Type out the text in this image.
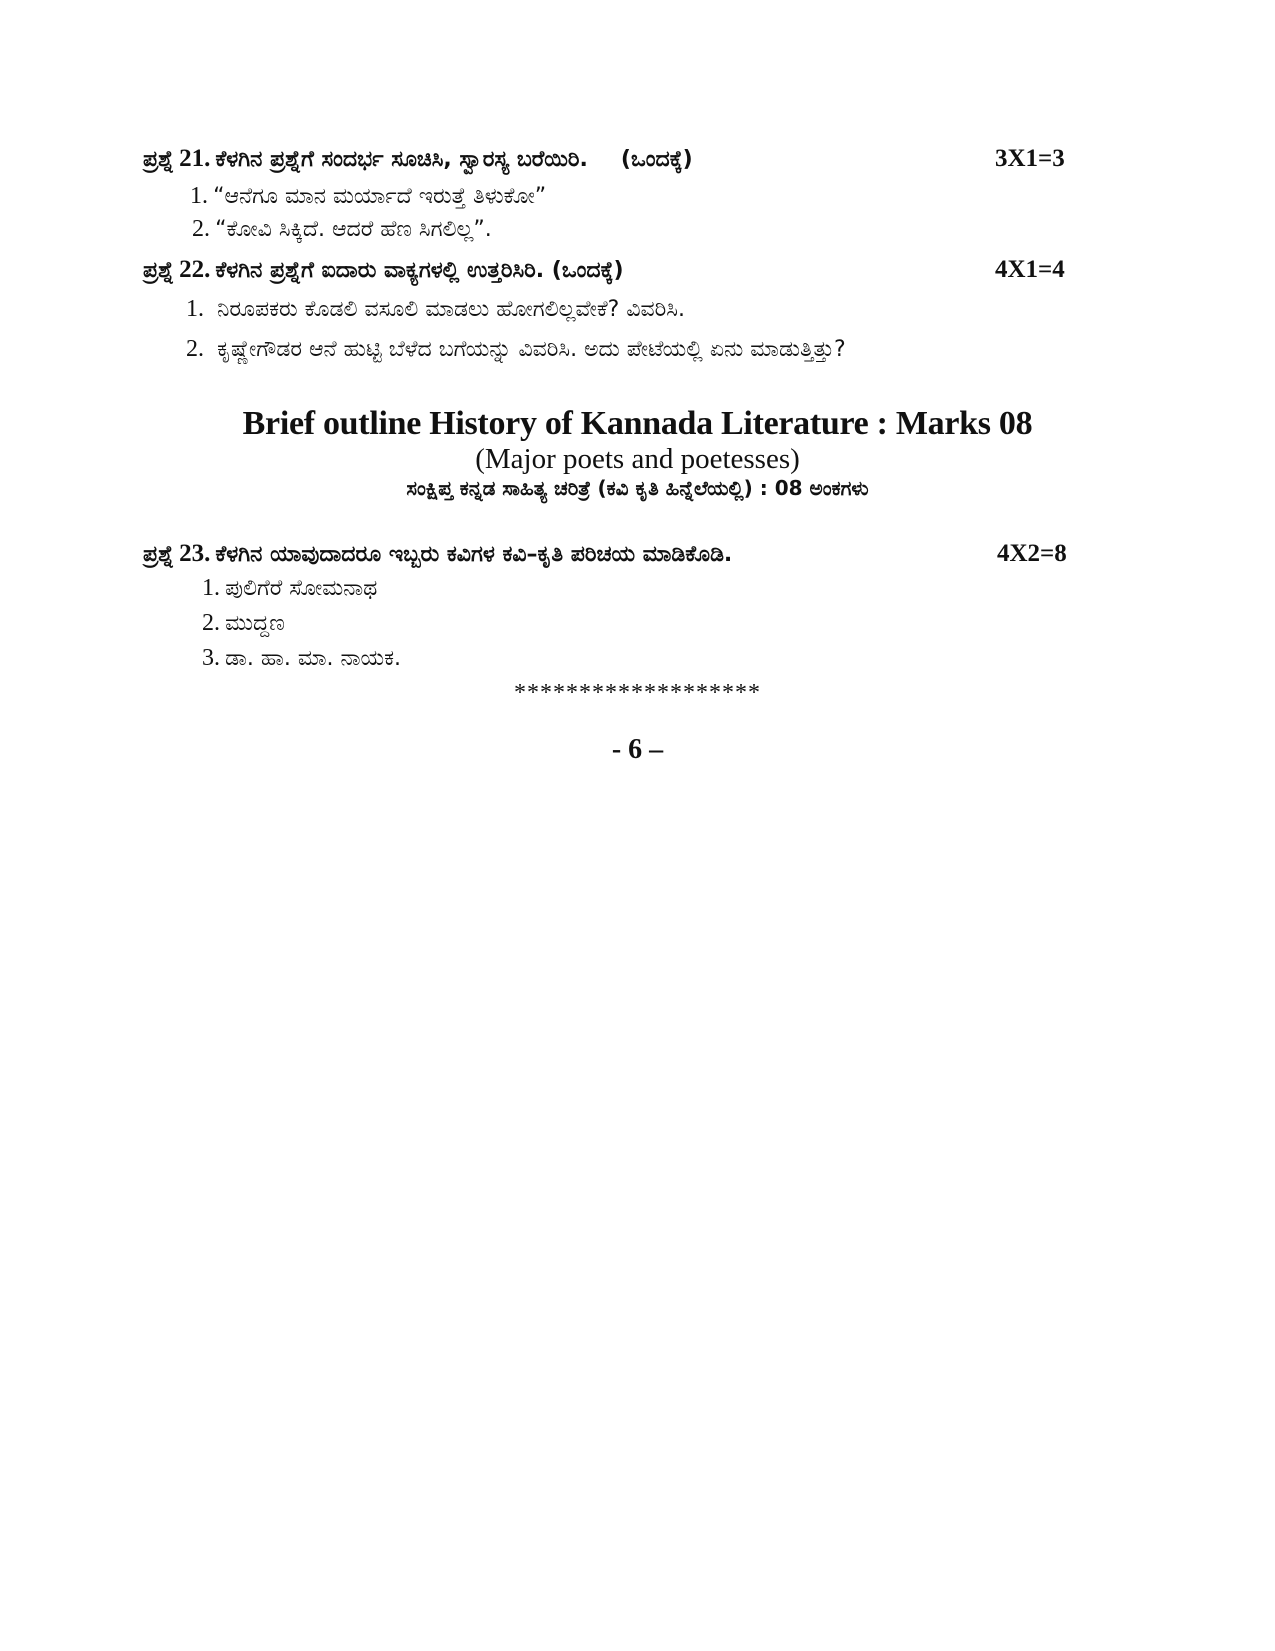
ಪ್ರಶ್ನೆ 21. ಕೆಳಗಿನ ಪ್ರಶ್ನೆಗೆ ಸಂದರ್ಭ ಸೂಚಿಸಿ, ಸ್ವಾರಸ್ಯ ಬರೆಯಿರಿ. (ಒಂದಕ್ಕೆ)	3X1=3
1. “ಆನೆಗೂ ಮಾನ ಮರ್ಯಾದೆ ಇರುತ್ತೆ ತಿಳುಕೋ”
2. “ಕೋವಿ ಸಿಕ್ಕಿದೆ. ಆದರೆ ಹೆಣ ಸಿಗಲಿಲ್ಲ”.
ಪ್ರಶ್ನೆ 22. ಕೆಳಗಿನ ಪ್ರಶ್ನೆಗೆ ಐದಾರು ವಾಕ್ಯಗಳಲ್ಲಿ ಉತ್ತರಿಸಿರಿ. (ಒಂದಕ್ಕೆ)	4X1=4
1. ನಿರೂಪಕರು ಕೊಡಲಿ ವಸೂಲಿ ಮಾಡಲು ಹೋಗಲಿಲ್ಲವೇಕೆ? ವಿವರಿಸಿ.
2. ಕೃಷ್ಣೇಗೌಡರ ಆನೆ ಹುಟ್ಟಿ ಬೆಳೆದ ಬಗೆಯನ್ನು ವಿವರಿಸಿ. ಅದು ಪೇಟೆಯಲ್ಲಿ ಏನು ಮಾಡುತ್ತಿತ್ತು?
Brief outline History of Kannada Literature : Marks 08
(Major poets and poetesses)
ಸಂಕ್ಷಿಪ್ತ ಕನ್ನಡ ಸಾಹಿತ್ಯ ಚರಿತ್ರೆ (ಕವಿ ಕೃತಿ ಹಿನ್ನೆಲೆಯಲ್ಲಿ) : 08 ಅಂಕಗಳು
ಪ್ರಶ್ನೆ 23. ಕೆಳಗಿನ ಯಾವುದಾದರೂ ಇಬ್ಬರು ಕವಿಗಳ ಕವಿ–ಕೃತಿ ಪರಿಚಯ ಮಾಡಿಕೊಡಿ.	4X2=8
1. ಪುಲಿಗೆರೆ ಸೋಮನಾಥ
2. ಮುದ್ದಣ
3. ಡಾ. ಹಾ. ಮಾ. ನಾಯಕ.
*******************
- 6 –
